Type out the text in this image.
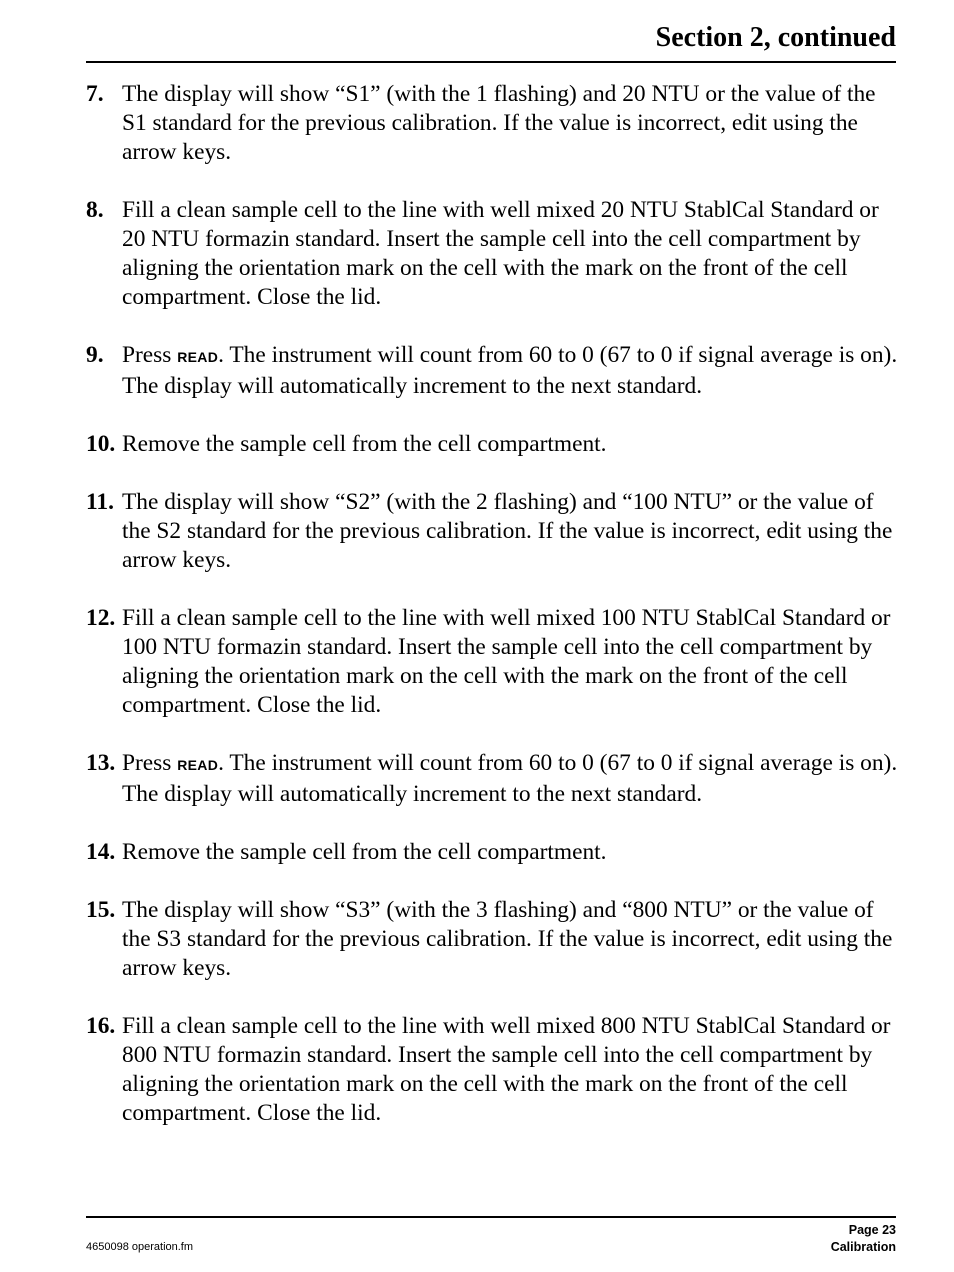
Section 2, continued
7. The display will show “S1” (with the 1 flashing) and 20 NTU or the value of the S1 standard for the previous calibration. If the value is incorrect, edit using the arrow keys.
8. Fill a clean sample cell to the line with well mixed 20 NTU StablCal Standard or 20 NTU formazin standard. Insert the sample cell into the cell compartment by aligning the orientation mark on the cell with the mark on the front of the cell compartment. Close the lid.
9. Press READ. The instrument will count from 60 to 0 (67 to 0 if signal average is on). The display will automatically increment to the next standard.
10. Remove the sample cell from the cell compartment.
11. The display will show “S2” (with the 2 flashing) and “100 NTU” or the value of the S2 standard for the previous calibration. If the value is incorrect, edit using the arrow keys.
12. Fill a clean sample cell to the line with well mixed 100 NTU StablCal Standard or 100 NTU formazin standard. Insert the sample cell into the cell compartment by aligning the orientation mark on the cell with the mark on the front of the cell compartment. Close the lid.
13. Press READ. The instrument will count from 60 to 0 (67 to 0 if signal average is on). The display will automatically increment to the next standard.
14. Remove the sample cell from the cell compartment.
15. The display will show “S3” (with the 3 flashing) and “800 NTU” or the value of the S3 standard for the previous calibration. If the value is incorrect, edit using the arrow keys.
16. Fill a clean sample cell to the line with well mixed 800 NTU StablCal Standard or 800 NTU formazin standard. Insert the sample cell into the cell compartment by aligning the orientation mark on the cell with the mark on the front of the cell compartment. Close the lid.
4650098 operation.fm
Page 23
Calibration
